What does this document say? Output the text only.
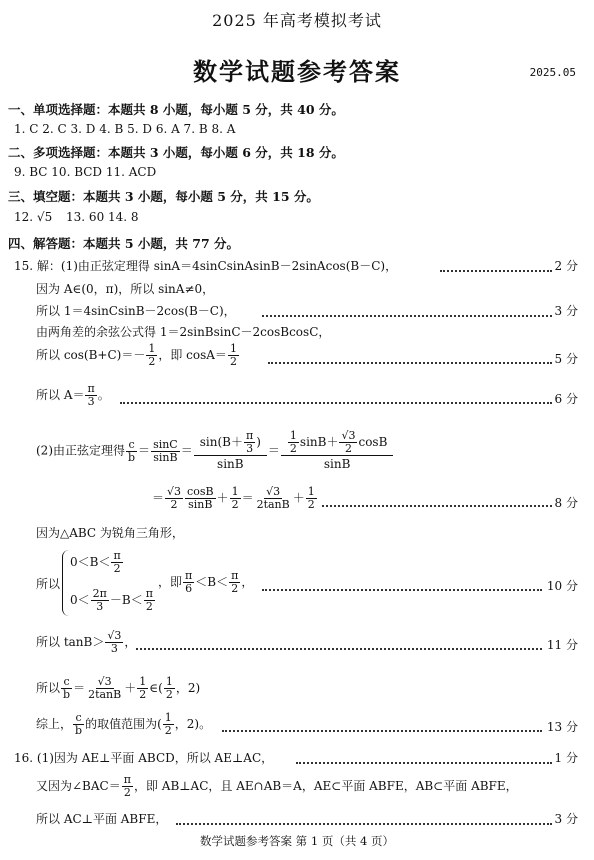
2025 年高考模拟考试
数学试题参考答案	2025.05
一、单项选择题：本题共 8 小题，每小题 5 分，共 40 分。
1. C 2. C 3. D 4. B 5. D 6. A 7. B 8. A
二、多项选择题：本题共 3 小题，每小题 6 分，共 18 分。
9. BC 10. BCD 11. ACD
三、填空题：本题共 3 小题，每小题 5 分，共 15 分。
12. √5 13. 60 14. 8
四、解答题：本题共 5 小题，共 77 分。
15. 解：(1)由正弦定理得 sinA＝4sinCsinAsinB－2sinAcos(B－C)，	2 分
因为 A∈(0，π)，所以 sinA≠0，
所以 1＝4sinCsinB－2cos(B－C)，	3 分
由两角差的余弦公式得 1＝2sinBsinC－2cosBcosC，
所以 $\cos(B+C)=- \frac{1}{2}$ ，即 $\cos A= \frac{1}{2}$	5 分
所以 $A= \frac{\pi}{3}$ 。	6 分
(2)由正弦定理得 $\frac{c}{b} = \frac{\sin C}{\sin B} = \frac{\sin(B+ \frac{\pi}{3} )}{\sin B} = \frac{\frac{1}{2} \sin B+ \frac{√3}{2} \cos B}{\sin B}$
＝ $\frac{√3}{2} \frac{\cos B}{\sin B} + \frac{1}{2} = \frac{√3}{2\tan B} + \frac{1}{2}$	8 分
因为△ABC 为锐角三角形，
所以
$0<B< \frac{\pi}{2}$
$0< \frac{2\pi}{3} -B< \frac{\pi}{2}$
，即 $\frac{\pi}{6} <B< \frac{\pi}{2}$ ，	10 分
所以 $\tan B> \frac{√3}{3}$ ，	11 分
所以 $\frac{c}{b} = \frac{√3}{2\tan B} + \frac{1}{2}$ ∈( $\frac{1}{2}$ ，2)
综上， $\frac{c}{b}$ 的取值范围为( $\frac{1}{2}$ ，2)。	13 分
16. (1)因为 AE⊥平面 ABCD，所以 AE⊥AC，	1 分
又因为∠BAC＝ $\frac{\pi}{2}$ ，即 AB⊥AC，且 AE∩AB＝A，AE⊂平面 ABFE，AB⊂平面 ABFE，
所以 AC⊥平面 ABFE，	3 分
数学试题参考答案 第 1 页（共 4 页）
